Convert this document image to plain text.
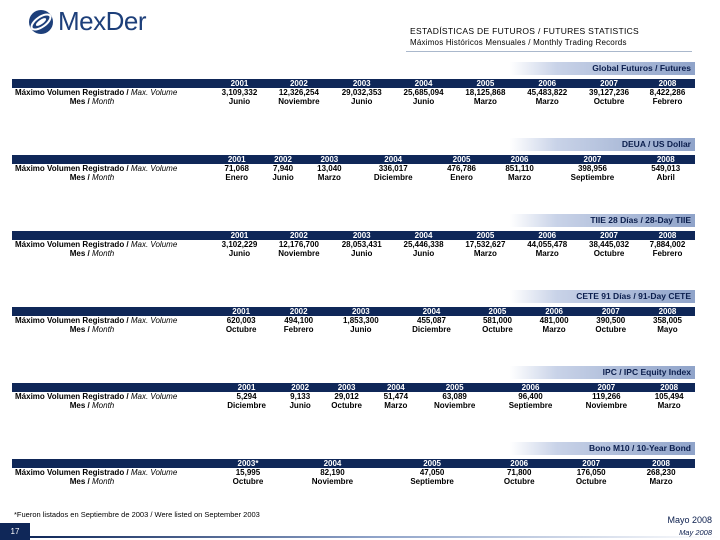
MexDer	ESTADÍSTICAS DE FUTUROS / FUTURES STATISTICS
Máximos Históricos Mensuales / Monthly Trading Records
Global Futuros / Futures
	2001	2002	2003	2004	2005	2006	2007	2008
Máximo Volumen Registrado / Max. Volume	3,109,332	12,326,254	29,032,353	25,685,094	18,125,868	45,483,822	39,127,236	8,422,286
Mes / Month	Junio	Noviembre	Junio	Junio	Marzo	Marzo	Octubre	Febrero
DEUA / US Dollar
	2001	2002	2003	2004	2005	2006	2007	2008
Máximo Volumen Registrado / Max. Volume	71,068	7,940	13,040	336,017	476,786	851,110	398,956	549,013
Mes / Month	Enero	Junio	Marzo	Diciembre	Enero	Marzo	Septiembre	Abril
TIIE 28 Días / 28-Day TIIE
	2001	2002	2003	2004	2005	2006	2007	2008
Máximo Volumen Registrado / Max. Volume	3,102,229	12,176,700	28,053,431	25,446,338	17,532,627	44,055,478	38,445,032	7,884,002
Mes / Month	Junio	Noviembre	Junio	Junio	Marzo	Marzo	Octubre	Febrero
CETE 91 Días / 91-Day CETE
	2001	2002	2003	2004	2005	2006	2007	2008
Máximo Volumen Registrado / Max. Volume	620,003	494,100	1,853,300	455,087	581,000	481,000	390,500	358,005
Mes / Month	Octubre	Febrero	Junio	Diciembre	Octubre	Marzo	Octubre	Mayo
IPC / IPC Equity Index
	2001	2002	2003	2004	2005	2006	2007	2008
Máximo Volumen Registrado / Max. Volume	5,294	9,133	29,012	51,474	63,089	96,400	119,266	105,494
Mes / Month	Diciembre	Junio	Octubre	Marzo	Noviembre	Septiembre	Noviembre	Marzo
Bono M10 / 10-Year Bond
			2003*	2004	2005	2006	2007	2008
Máximo Volumen Registrado / Max. Volume			15,995	82,190	47,050	71,800	176,050	268,230
Mes / Month			Octubre	Noviembre	Septiembre	Octubre	Octubre	Marzo
*Fueron listados en Septiembre de 2003 / Were listed on September 2003
17
Mayo 2008
May 2008
